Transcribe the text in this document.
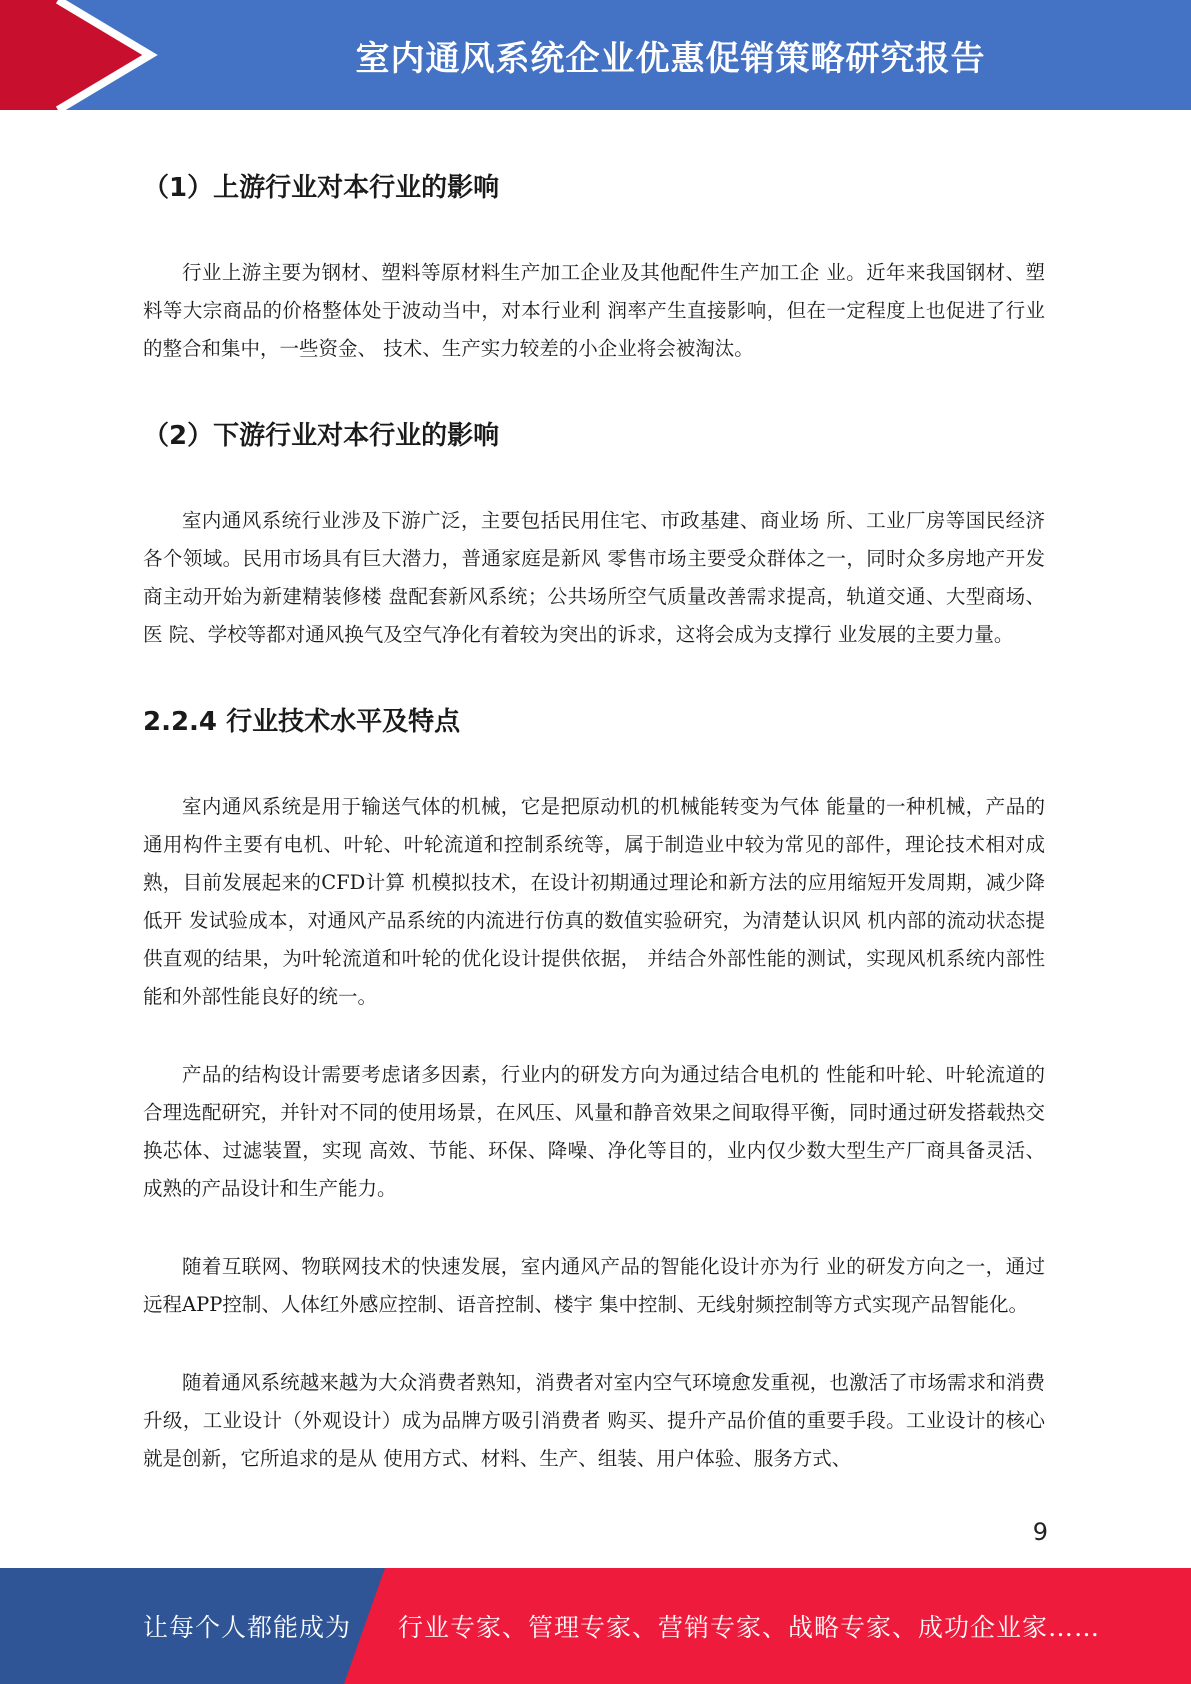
室内通风系统企业优惠促销策略研究报告
（1）上游行业对本行业的影响

行业上游主要为钢材、塑料等原材料生产加工企业及其他配件生产加工企 业。近年来我国钢材、塑料等大宗商品的价格整体处于波动当中，对本行业利 润率产生直接影响，但在一定程度上也促进了行业的整合和集中，一些资金、 技术、生产实力较差的小企业将会被淘汰。

（2）下游行业对本行业的影响

室内通风系统行业涉及下游广泛，主要包括民用住宅、市政基建、商业场 所、工业厂房等国民经济各个领域。民用市场具有巨大潜力，普通家庭是新风 零售市场主要受众群体之一，同时众多房地产开发商主动开始为新建精装修楼 盘配套新风系统；公共场所空气质量改善需求提高，轨道交通、大型商场、医 院、学校等都对通风换气及空气净化有着较为突出的诉求，这将会成为支撑行 业发展的主要力量。

2.2.4 行业技术水平及特点

室内通风系统是用于输送气体的机械，它是把原动机的机械能转变为气体 能量的一种机械，产品的通用构件主要有电机、叶轮、叶轮流道和控制系统等，属于制造业中较为常见的部件，理论技术相对成熟，目前发展起来的CFD计算 机模拟技术，在设计初期通过理论和新方法的应用缩短开发周期，减少降低开 发试验成本，对通风产品系统的内流进行仿真的数值实验研究，为清楚认识风 机内部的流动状态提供直观的结果，为叶轮流道和叶轮的优化设计提供依据， 并结合外部性能的测试，实现风机系统内部性能和外部性能良好的统一。

产品的结构设计需要考虑诸多因素，行业内的研发方向为通过结合电机的 性能和叶轮、叶轮流道的合理选配研究，并针对不同的使用场景，在风压、风量和静音效果之间取得平衡，同时通过研发搭载热交换芯体、过滤装置，实现 高效、节能、环保、降噪、净化等目的，业内仅少数大型生产厂商具备灵活、 成熟的产品设计和生产能力。

随着互联网、物联网技术的快速发展，室内通风产品的智能化设计亦为行 业的研发方向之一，通过远程APP控制、人体红外感应控制、语音控制、楼宇 集中控制、无线射频控制等方式实现产品智能化。

随着通风系统越来越为大众消费者熟知，消费者对室内空气环境愈发重视，也激活了市场需求和消费升级，工业设计（外观设计）成为品牌方吸引消费者 购买、提升产品价值的重要手段。工业设计的核心就是创新，它所追求的是从 使用方式、材料、生产、组装、用户体验、服务方式、

9
让每个人都能成为 行业专家、管理专家、营销专家、战略专家、成功企业家……
